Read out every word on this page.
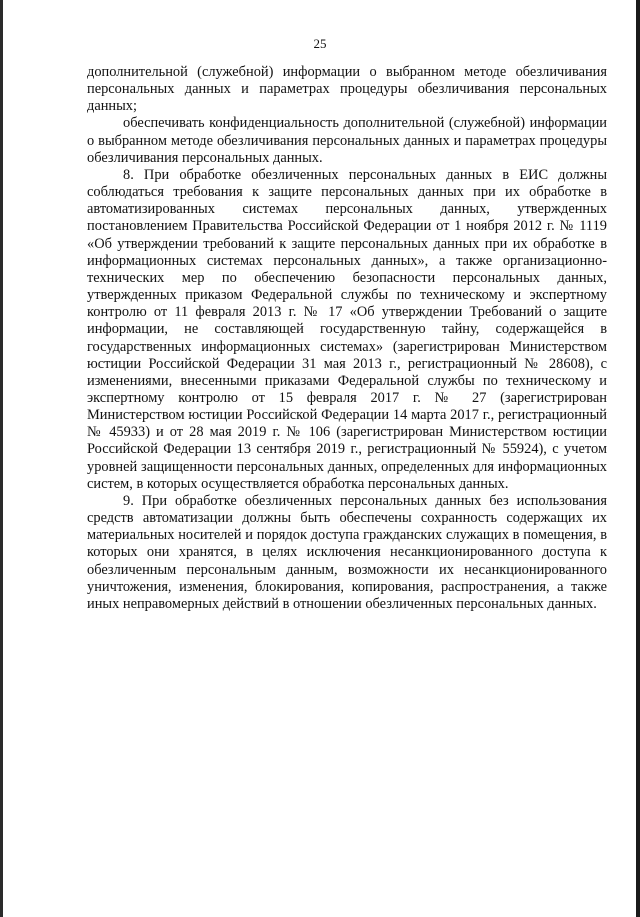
25

дополнительной (служебной) информации о выбранном методе обезличивания персональных данных и параметрах процедуры обезличивания персональных данных;

обеспечивать конфиденциальность дополнительной (служебной) информации о выбранном методе обезличивания персональных данных и параметрах процедуры обезличивания персональных данных.

8. При обработке обезличенных персональных данных в ЕИС должны соблюдаться требования к защите персональных данных при их обработке в автоматизированных системах персональных данных, утвержденных постановлением Правительства Российской Федерации от 1 ноября 2012 г. № 1119 «Об утверждении требований к защите персональных данных при их обработке в информационных системах персональных данных», а также организационно-технических мер по обеспечению безопасности персональных данных, утвержденных приказом Федеральной службы по техническому и экспертному контролю от 11 февраля 2013 г. № 17 «Об утверждении Требований о защите информации, не составляющей государственную тайну, содержащейся в государственных информационных системах» (зарегистрирован Министерством юстиции Российской Федерации 31 мая 2013 г., регистрационный № 28608), с изменениями, внесенными приказами Федеральной службы по техническому и экспертному контролю от 15 февраля 2017 г. № 27 (зарегистрирован Министерством юстиции Российской Федерации 14 марта 2017 г., регистрационный № 45933) и от 28 мая 2019 г. № 106 (зарегистрирован Министерством юстиции Российской Федерации 13 сентября 2019 г., регистрационный № 55924), с учетом уровней защищенности персональных данных, определенных для информационных систем, в которых осуществляется обработка персональных данных.

9. При обработке обезличенных персональных данных без использования средств автоматизации должны быть обеспечены сохранность содержащих их материальных носителей и порядок доступа гражданских служащих в помещения, в которых они хранятся, в целях исключения несанкционированного доступа к обезличенным персональным данным, возможности их несанкционированного уничтожения, изменения, блокирования, копирования, распространения, а также иных неправомерных действий в отношении обезличенных персональных данных.
